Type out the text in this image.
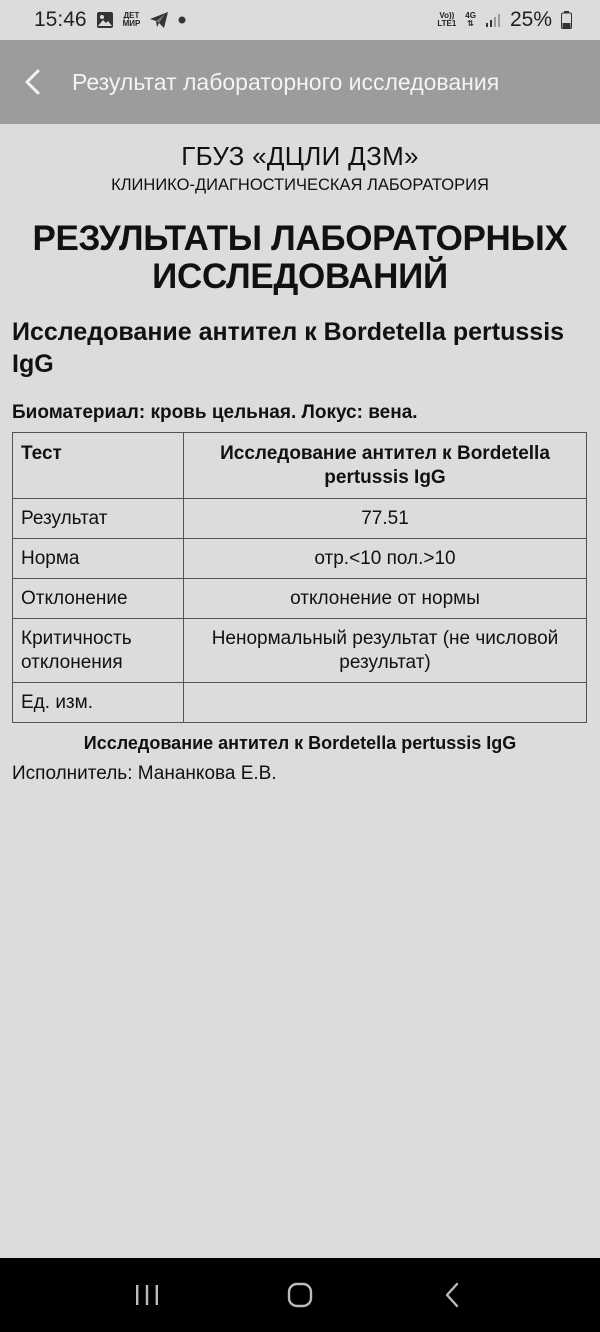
15:46	ДЕТ
МИР
Vo))
LTE1
4G
⇅ 25%
Результат лабораторного исследования
ГБУЗ «ДЦЛИ ДЗМ»
КЛИНИКО-ДИАГНОСТИЧЕСКАЯ ЛАБОРАТОРИЯ
РЕЗУЛЬТАТЫ ЛАБОРАТОРНЫХ
ИССЛЕДОВАНИЙ
Исследование антител к Bordetella pertussis IgG
Биоматериал: кровь цельная. Локус: вена.
Тест	Исследование антител к Bordetella pertussis IgG
Результат	77.51
Норма	отр.<10 пол.>10
Отклонение	отклонение от нормы
Критичность отклонения	Ненормальный результат (не числовой результат)
Ед. изм.	
Исследование антител к Bordetella pertussis IgG
Исполнитель: Мананкова Е.В.
